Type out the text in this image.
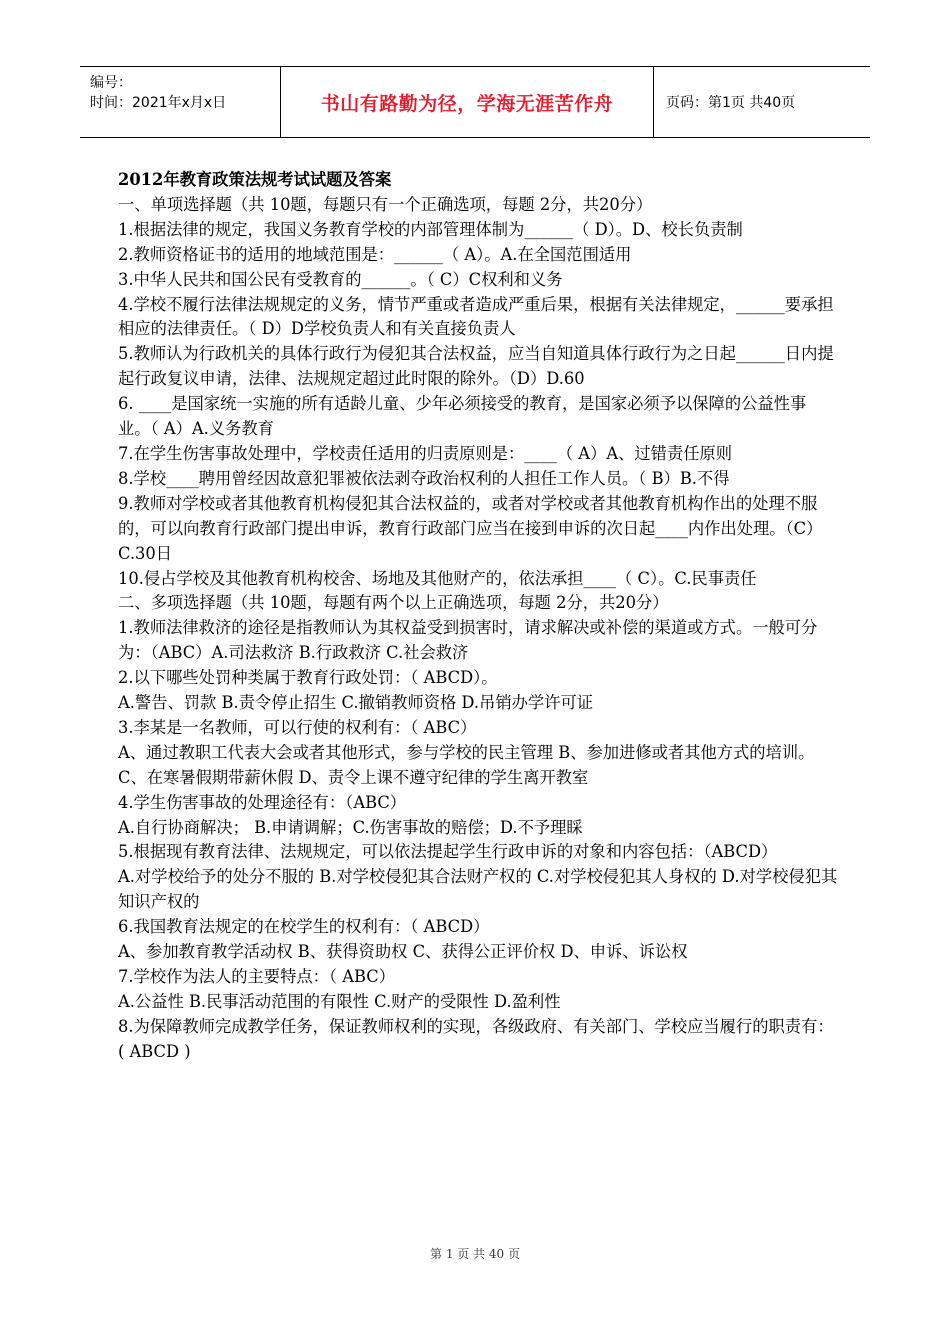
编号：
时间：2021年x月x日	书山有路勤为径，学海无涯苦作舟	页码：第1页 共40页

2012年教育政策法规考试试题及答案

一、单项选择题（共 10题，每题只有一个正确选项，每题 2分，共20分）

1.根据法律的规定，我国义务教育学校的内部管理体制为______（ D）。D、校长负责制

2.教师资格证书的适用的地域范围是：______（ A）。A.在全国范围适用

3.中华人民共和国公民有受教育的______。（ C）C权利和义务

4.学校不履行法律法规规定的义务，情节严重或者造成严重后果，根据有关法律规定，______要承担相应的法律责任。（ D）D学校负责人和有关直接负责人

5.教师认为行政机关的具体行政行为侵犯其合法权益，应当自知道具体行政行为之日起______日内提起行政复议申请，法律、法规规定超过此时限的除外。（D）D.60

6. ____是国家统一实施的所有适龄儿童、少年必须接受的教育，是国家必须予以保障的公益性事业。（ A）A.义务教育

7.在学生伤害事故处理中，学校责任适用的归责原则是：____（ A）A、过错责任原则

8.学校____聘用曾经因故意犯罪被依法剥夺政治权利的人担任工作人员。（ B）B.不得

9.教师对学校或者其他教育机构侵犯其合法权益的，或者对学校或者其他教育机构作出的处理不服的，可以向教育行政部门提出申诉，教育行政部门应当在接到申诉的次日起____内作出处理。（C）

C.30日

10.侵占学校及其他教育机构校舍、场地及其他财产的，依法承担____（ C）。C.民事责任

二、多项选择题（共 10题，每题有两个以上正确选项，每题 2分，共20分）

1.教师法律救济的途径是指教师认为其权益受到损害时，请求解决或补偿的渠道或方式。一般可分为：（ABC）A.司法救济 B.行政救济 C.社会救济

2.以下哪些处罚种类属于教育行政处罚：（ ABCD）。

A.警告、罚款 B.责令停止招生 C.撤销教师资格 D.吊销办学许可证

3.李某是一名教师，可以行使的权利有：（ ABC）

A、通过教职工代表大会或者其他形式，参与学校的民主管理 B、参加进修或者其他方式的培训。C、在寒暑假期带薪休假 D、责令上课不遵守纪律的学生离开教室

4.学生伤害事故的处理途径有：（ABC）

A.自行协商解决； B.申请调解；C.伤害事故的赔偿；D.不予理睬

5.根据现有教育法律、法规规定，可以依法提起学生行政申诉的对象和内容包括：（ABCD）

A.对学校给予的处分不服的 B.对学校侵犯其合法财产权的 C.对学校侵犯其人身权的 D.对学校侵犯其知识产权的

6.我国教育法规定的在校学生的权利有：（ ABCD）

A、参加教育教学活动权 B、获得资助权 C、获得公正评价权 D、申诉、诉讼权

7.学校作为法人的主要特点：（ ABC）

A.公益性 B.民事活动范围的有限性 C.财产的受限性 D.盈利性

8.为保障教师完成教学任务，保证教师权利的实现，各级政府、有关部门、学校应当履行的职责有：( ABCD )

第 1 页 共 40 页
